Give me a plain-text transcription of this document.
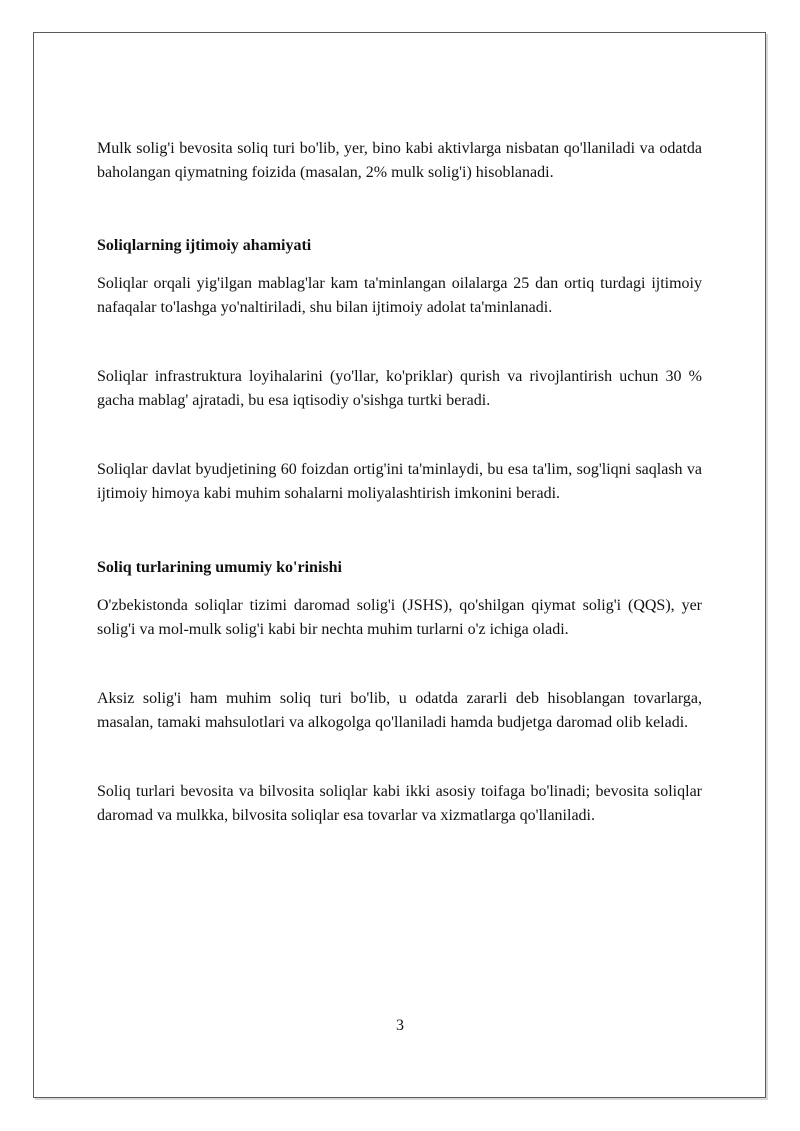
Mulk solig'i bevosita soliq turi bo'lib, yer, bino kabi aktivlarga nisbatan qo'llaniladi va odatda baholangan qiymatning foizida (masalan, 2% mulk solig'i) hisoblanadi.

Soliqlarning ijtimoiy ahamiyati

Soliqlar orqali yig'ilgan mablag'lar kam ta'minlangan oilalarga 25 dan ortiq turdagi ijtimoiy nafaqalar to'lashga yo'naltiriladi, shu bilan ijtimoiy adolat ta'minlanadi.

Soliqlar infrastruktura loyihalarini (yo'llar, ko'priklar) qurish va rivojlantirish uchun 30 % gacha mablag' ajratadi, bu esa iqtisodiy o'sishga turtki beradi.

Soliqlar davlat byudjetining 60 foizdan ortig'ini ta'minlaydi, bu esa ta'lim, sog'liqni saqlash va ijtimoiy himoya kabi muhim sohalarni moliyalashtirish imkonini beradi.

Soliq turlarining umumiy ko'rinishi

O'zbekistonda soliqlar tizimi daromad solig'i (JSHS), qo'shilgan qiymat solig'i (QQS), yer solig'i va mol-mulk solig'i kabi bir nechta muhim turlarni o'z ichiga oladi.

Aksiz solig'i ham muhim soliq turi bo'lib, u odatda zararli deb hisoblangan tovarlarga, masalan, tamaki mahsulotlari va alkogolga qo'llaniladi hamda budjetga daromad olib keladi.

Soliq turlari bevosita va bilvosita soliqlar kabi ikki asosiy toifaga bo'linadi; bevosita soliqlar daromad va mulkka, bilvosita soliqlar esa tovarlar va xizmatlarga qo'llaniladi.

3
